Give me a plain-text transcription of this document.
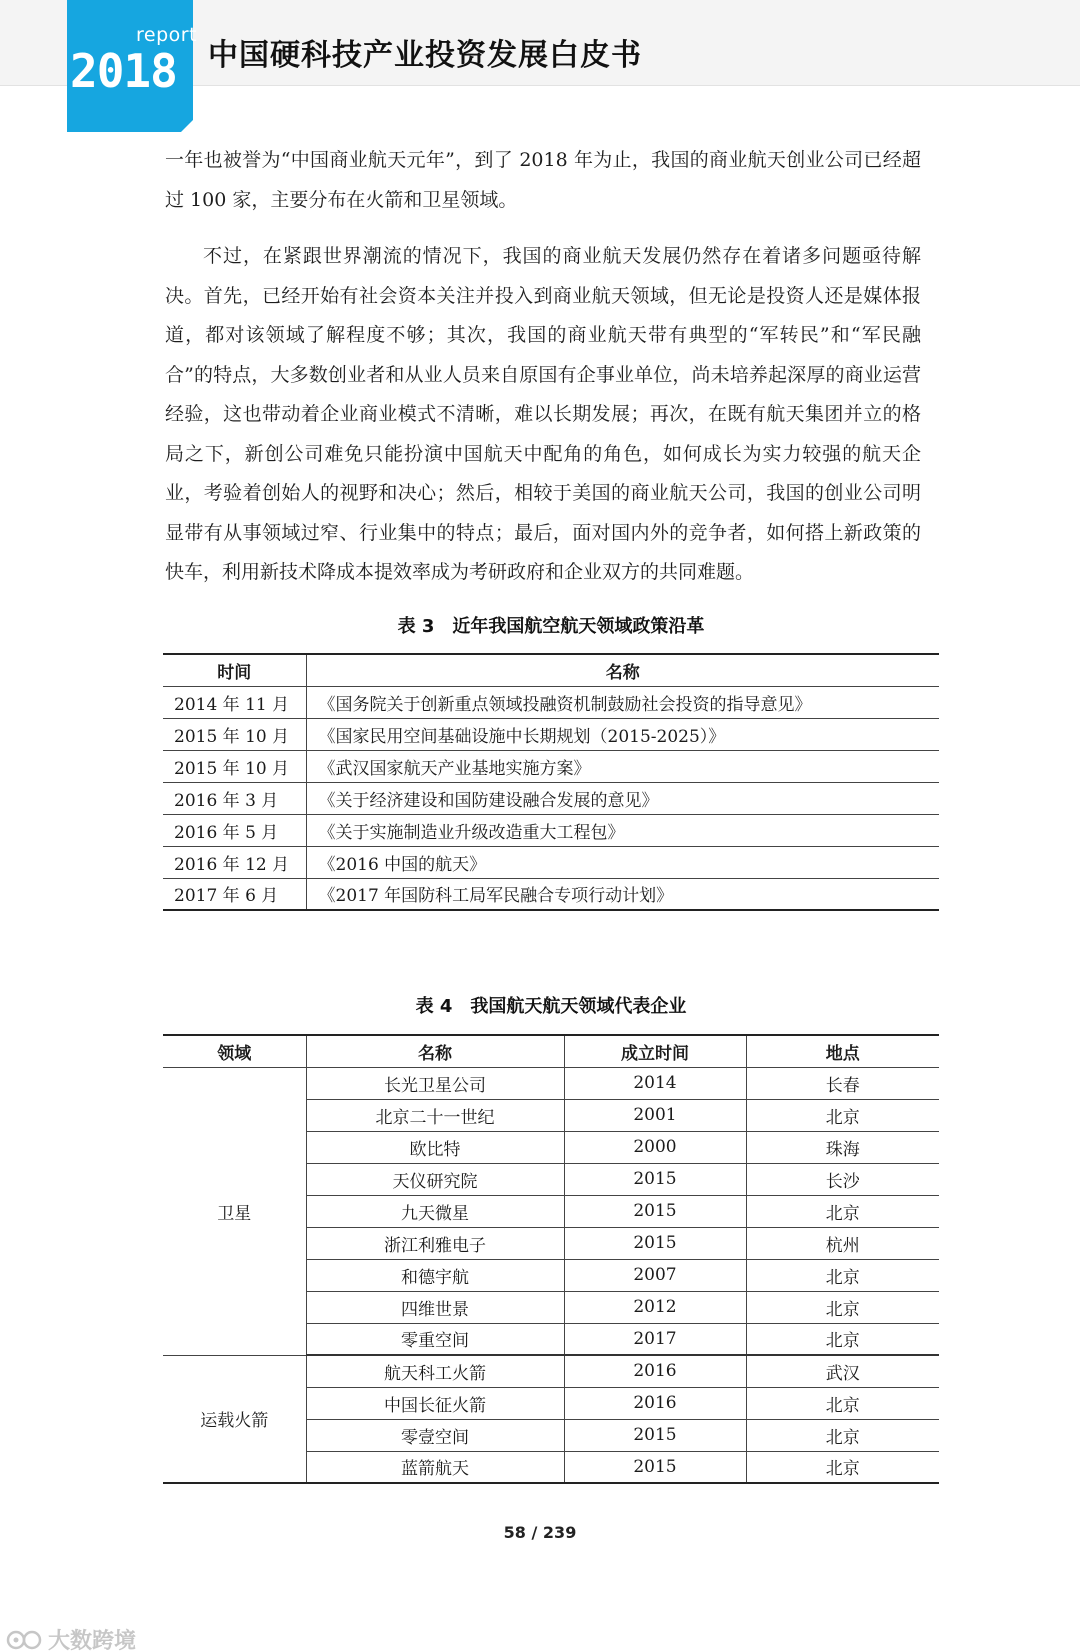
report
2018 中国硬科技产业投资发展白皮书

一年也被誉为“中国商业航天元年”，到了 2018 年为止，我国的商业航天创业公司已经超过 100 家，主要分布在火箭和卫星领域。

不过，在紧跟世界潮流的情况下，我国的商业航天发展仍然存在着诸多问题亟待解决。首先，已经开始有社会资本关注并投入到商业航天领域，但无论是投资人还是媒体报道，都对该领域了解程度不够；其次，我国的商业航天带有典型的“军转民”和“军民融合”的特点，大多数创业者和从业人员来自原国有企事业单位，尚未培养起深厚的商业运营经验，这也带动着企业商业模式不清晰，难以长期发展；再次，在既有航天集团并立的格局之下，新创公司难免只能扮演中国航天中配角的角色，如何成长为实力较强的航天企业，考验着创始人的视野和决心；然后，相较于美国的商业航天公司，我国的创业公司明显带有从事领域过窄、行业集中的特点；最后，面对国内外的竞争者，如何搭上新政策的快车，利用新技术降成本提效率成为考研政府和企业双方的共同难题。

表 3　近年我国航空航天领域政策沿革
时间	名称
2014 年 11 月	《国务院关于创新重点领域投融资机制鼓励社会投资的指导意见》
2015 年 10 月	《国家民用空间基础设施中长期规划（2015-2025）》
2015 年 10 月	《武汉国家航天产业基地实施方案》
2016 年 3 月	《关于经济建设和国防建设融合发展的意见》
2016 年 5 月	《关于实施制造业升级改造重大工程包》
2016 年 12 月	《2016 中国的航天》
2017 年 6 月	《2017 年国防科工局军民融合专项行动计划》
表 4　我国航天航天领域代表企业
领域	名称	成立时间	地点
卫星	长光卫星公司	2014	长春
	北京二十一世纪	2001	北京
	欧比特	2000	珠海
	天仪研究院	2015	长沙
	九天微星	2015	北京
	浙江利雅电子	2015	杭州
	和德宇航	2007	北京
	四维世景	2012	北京
	零重空间	2017	北京
运载火箭	航天科工火箭	2016	武汉
	中国长征火箭	2016	北京
	零壹空间	2015	北京
	蓝箭航天	2015	北京
58 / 239
大数跨境
